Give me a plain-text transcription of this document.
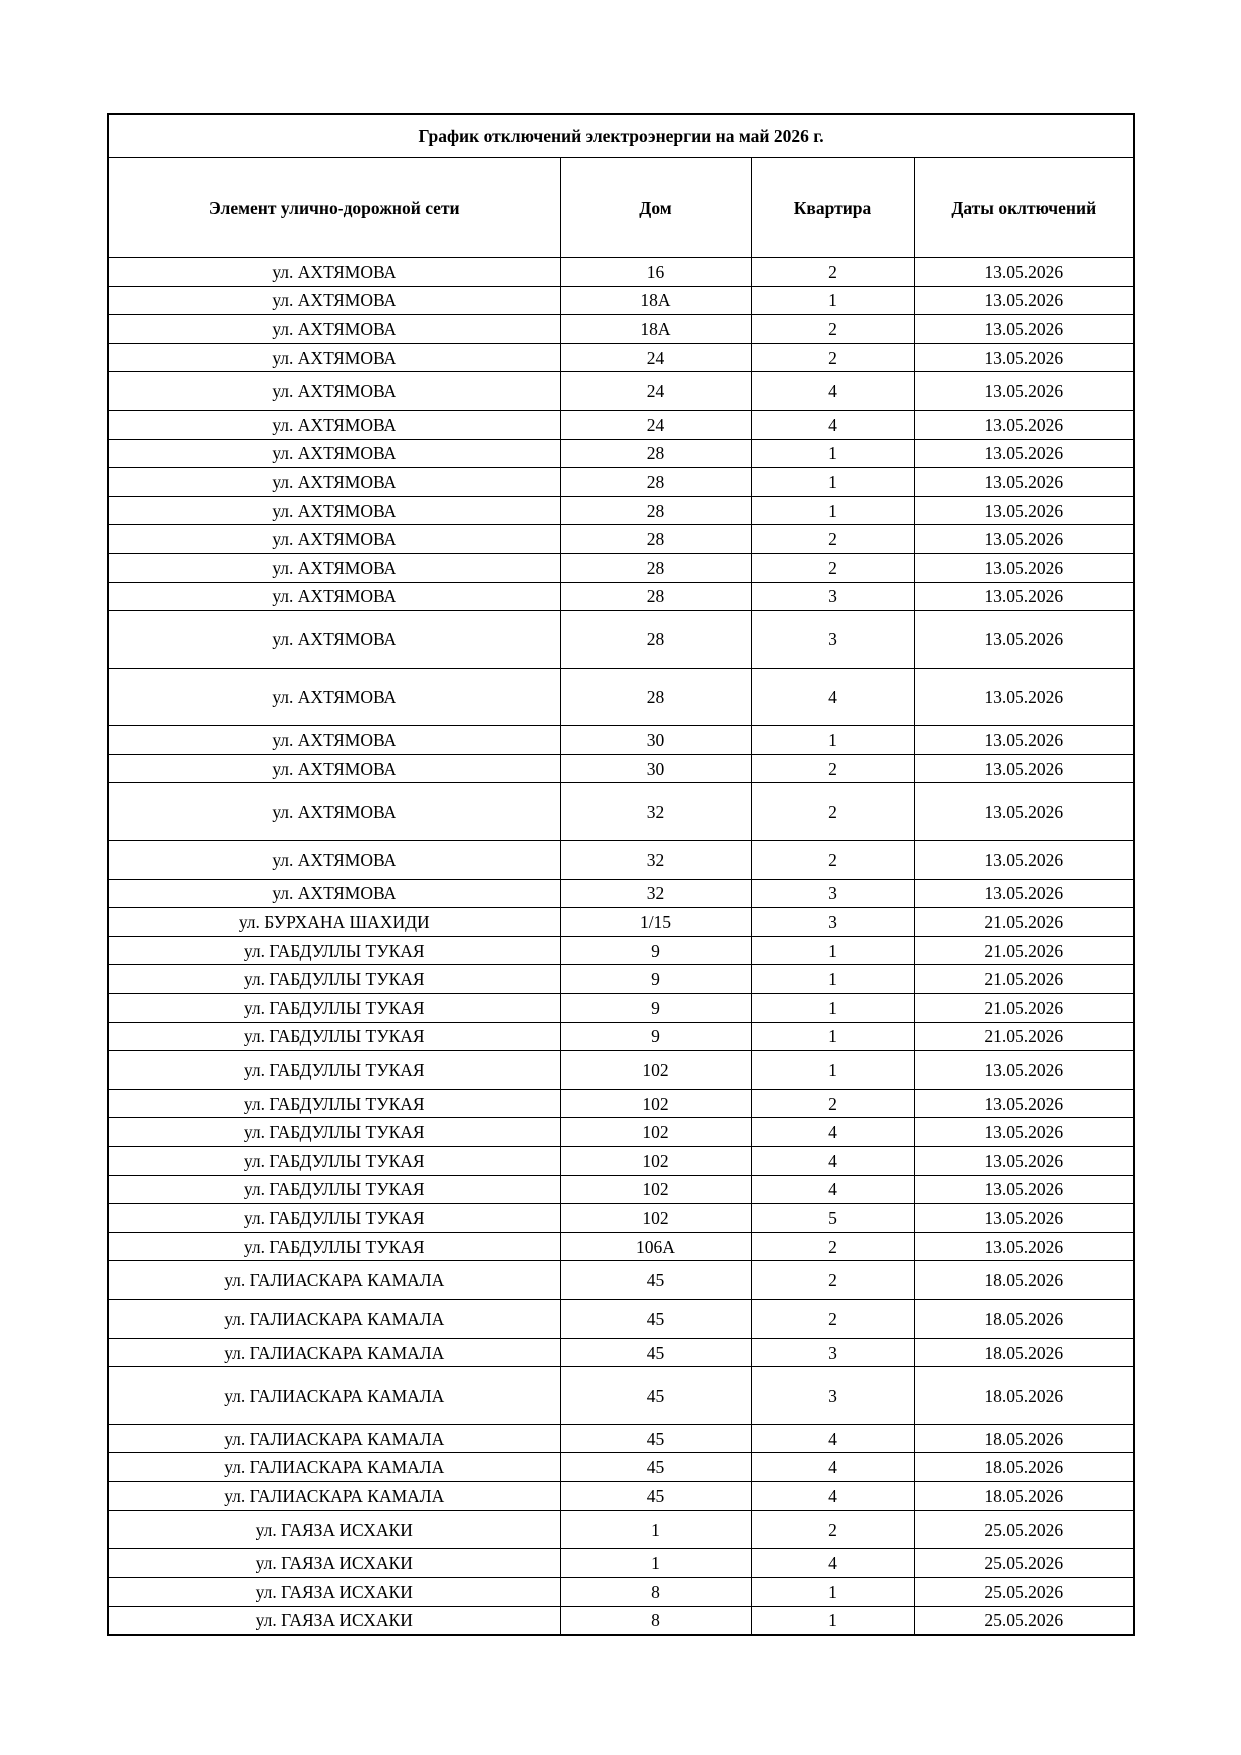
График отключений электроэнергии на май 2026 г.			
Элемент улично-дорожной сети	Дом	Квартира	Даты оклтючений
ул. АХТЯМОВА	16	2	13.05.2026
ул. АХТЯМОВА	18А	1	13.05.2026
ул. АХТЯМОВА	18А	2	13.05.2026
ул. АХТЯМОВА	24	2	13.05.2026
ул. АХТЯМОВА	24	4	13.05.2026
ул. АХТЯМОВА	24	4	13.05.2026
ул. АХТЯМОВА	28	1	13.05.2026
ул. АХТЯМОВА	28	1	13.05.2026
ул. АХТЯМОВА	28	1	13.05.2026
ул. АХТЯМОВА	28	2	13.05.2026
ул. АХТЯМОВА	28	2	13.05.2026
ул. АХТЯМОВА	28	3	13.05.2026
ул. АХТЯМОВА	28	3	13.05.2026
ул. АХТЯМОВА	28	4	13.05.2026
ул. АХТЯМОВА	30	1	13.05.2026
ул. АХТЯМОВА	30	2	13.05.2026
ул. АХТЯМОВА	32	2	13.05.2026
ул. АХТЯМОВА	32	2	13.05.2026
ул. АХТЯМОВА	32	3	13.05.2026
ул. БУРХАНА ШАХИДИ	1/15	3	21.05.2026
ул. ГАБДУЛЛЫ ТУКАЯ	9	1	21.05.2026
ул. ГАБДУЛЛЫ ТУКАЯ	9	1	21.05.2026
ул. ГАБДУЛЛЫ ТУКАЯ	9	1	21.05.2026
ул. ГАБДУЛЛЫ ТУКАЯ	9	1	21.05.2026
ул. ГАБДУЛЛЫ ТУКАЯ	102	1	13.05.2026
ул. ГАБДУЛЛЫ ТУКАЯ	102	2	13.05.2026
ул. ГАБДУЛЛЫ ТУКАЯ	102	4	13.05.2026
ул. ГАБДУЛЛЫ ТУКАЯ	102	4	13.05.2026
ул. ГАБДУЛЛЫ ТУКАЯ	102	4	13.05.2026
ул. ГАБДУЛЛЫ ТУКАЯ	102	5	13.05.2026
ул. ГАБДУЛЛЫ ТУКАЯ	106А	2	13.05.2026
ул. ГАЛИАСКАРА КАМАЛА	45	2	18.05.2026
ул. ГАЛИАСКАРА КАМАЛА	45	2	18.05.2026
ул. ГАЛИАСКАРА КАМАЛА	45	3	18.05.2026
ул. ГАЛИАСКАРА КАМАЛА	45	3	18.05.2026
ул. ГАЛИАСКАРА КАМАЛА	45	4	18.05.2026
ул. ГАЛИАСКАРА КАМАЛА	45	4	18.05.2026
ул. ГАЛИАСКАРА КАМАЛА	45	4	18.05.2026
ул. ГАЯЗА ИСХАКИ	1	2	25.05.2026
ул. ГАЯЗА ИСХАКИ	1	4	25.05.2026
ул. ГАЯЗА ИСХАКИ	8	1	25.05.2026
ул. ГАЯЗА ИСХАКИ	8	1	25.05.2026
